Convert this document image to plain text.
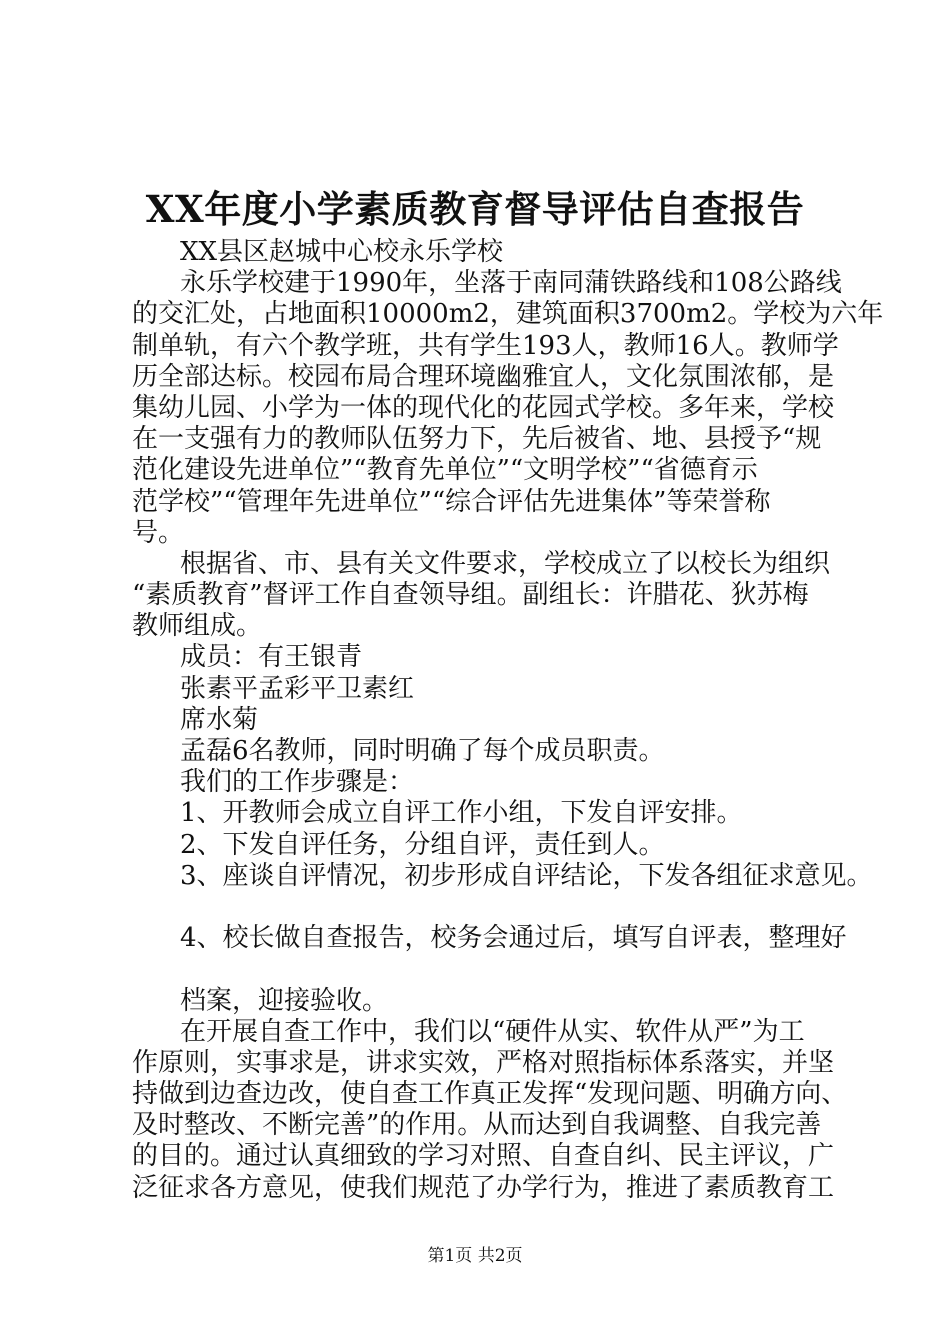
XX年度小学素质教育督导评估自查报告
XX县区赵城中心校永乐学校
永乐学校建于1990年，坐落于南同蒲铁路线和108公路线
的交汇处，占地面积10000m2，建筑面积3700m2。学校为六年
制单轨，有六个教学班，共有学生193人，教师16人。教师学
历全部达标。校园布局合理环境幽雅宜人，文化氛围浓郁，是
集幼儿园、小学为一体的现代化的花园式学校。多年来，学校
在一支强有力的教师队伍努力下，先后被省、地、县授予“规
范化建设先进单位”“教育先单位”“文明学校”“省德育示
范学校”“管理年先进单位”“综合评估先进集体”等荣誉称
号。
根据省、市、县有关文件要求，学校成立了以校长为组织
“素质教育”督评工作自查领导组。副组长：许腊花、狄苏梅
教师组成。
成员：有王银青
张素平孟彩平卫素红
席水菊
孟磊6名教师，同时明确了每个成员职责。
我们的工作步骤是：
1、开教师会成立自评工作小组，下发自评安排。
2、下发自评任务，分组自评，责任到人。
3、座谈自评情况，初步形成自评结论，下发各组征求意见。
4、校长做自查报告，校务会通过后，填写自评表，整理好
档案，迎接验收。
在开展自查工作中，我们以“硬件从实、软件从严”为工
作原则，实事求是，讲求实效，严格对照指标体系落实，并坚
持做到边查边改，使自查工作真正发挥“发现问题、明确方向、
及时整改、不断完善”的作用。从而达到自我调整、自我完善
的目的。通过认真细致的学习对照、自查自纠、民主评议，广
泛征求各方意见，使我们规范了办学行为，推进了素质教育工
第1页 共2页
